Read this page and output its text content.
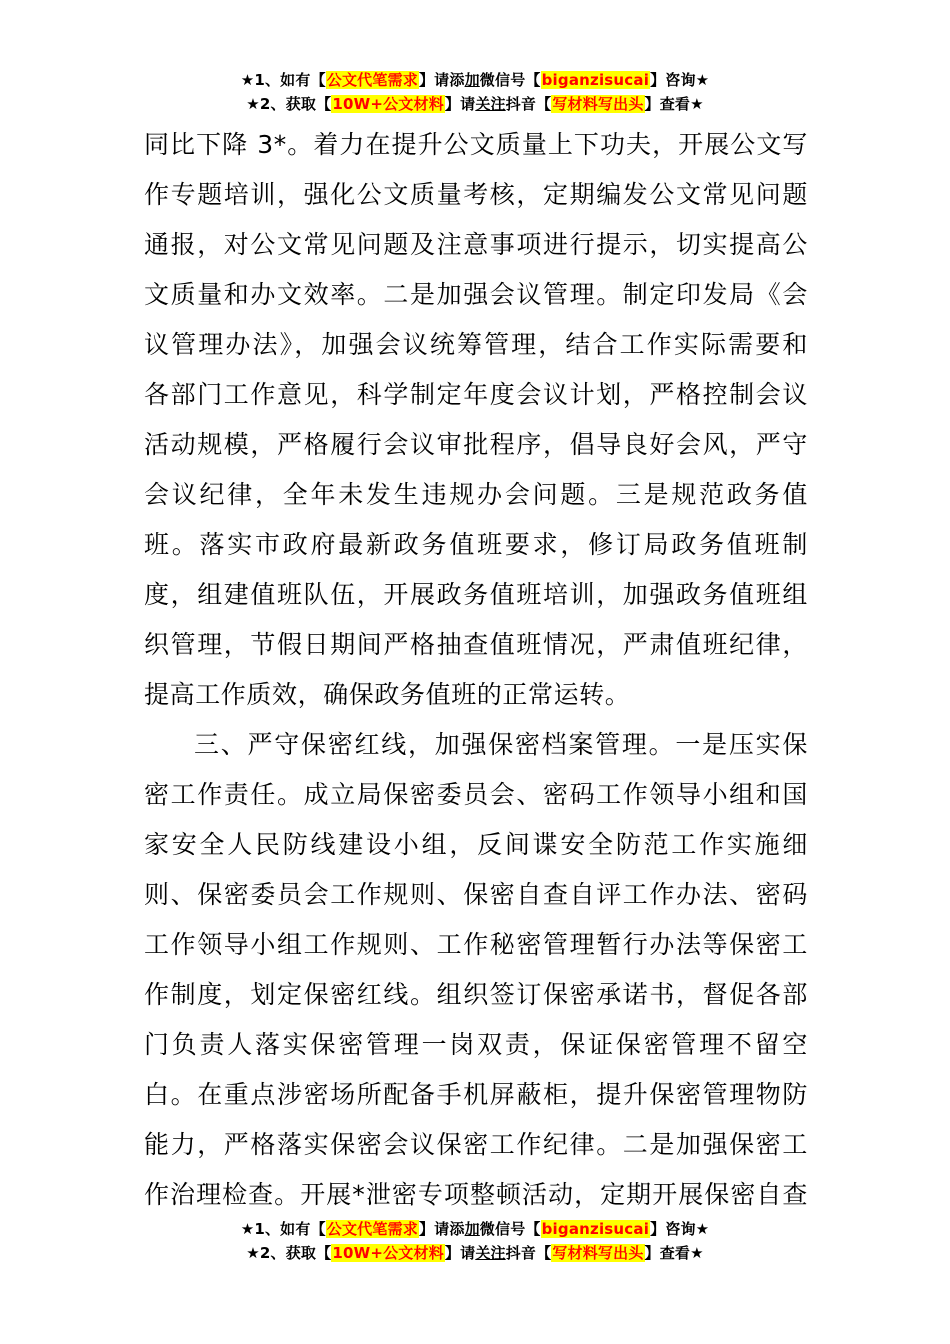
★1、如有【公文代笔需求】请添加微信号【biganzisucai】咨询★
★2、获取【10W+公文材料】请关注抖音【写材料写出头】查看★

同比下降 3*。着力在提升公文质量上下功夫，开展公文写

作专题培训，强化公文质量考核，定期编发公文常见问题

通报，对公文常见问题及注意事项进行提示，切实提高公

文质量和办文效率。二是加强会议管理。制定印发局《会

议管理办法》，加强会议统筹管理，结合工作实际需要和

各部门工作意见，科学制定年度会议计划，严格控制会议

活动规模，严格履行会议审批程序，倡导良好会风，严守

会议纪律，全年未发生违规办会问题。三是规范政务值

班。落实市政府最新政务值班要求，修订局政务值班制

度，组建值班队伍，开展政务值班培训，加强政务值班组

织管理，节假日期间严格抽查值班情况，严肃值班纪律，

提高工作质效，确保政务值班的正常运转。

三、严守保密红线，加强保密档案管理。一是压实保

密工作责任。成立局保密委员会、密码工作领导小组和国

家安全人民防线建设小组，反间谍安全防范工作实施细

则、保密委员会工作规则、保密自查自评工作办法、密码

工作领导小组工作规则、工作秘密管理暂行办法等保密工

作制度，划定保密红线。组织签订保密承诺书，督促各部

门负责人落实保密管理一岗双责，保证保密管理不留空

白。在重点涉密场所配备手机屏蔽柜，提升保密管理物防

能力，严格落实保密会议保密工作纪律。二是加强保密工

作治理检查。开展*泄密专项整顿活动，定期开展保密自查

★1、如有【公文代笔需求】请添加微信号【biganzisucai】咨询★
★2、获取【10W+公文材料】请关注抖音【写材料写出头】查看★
